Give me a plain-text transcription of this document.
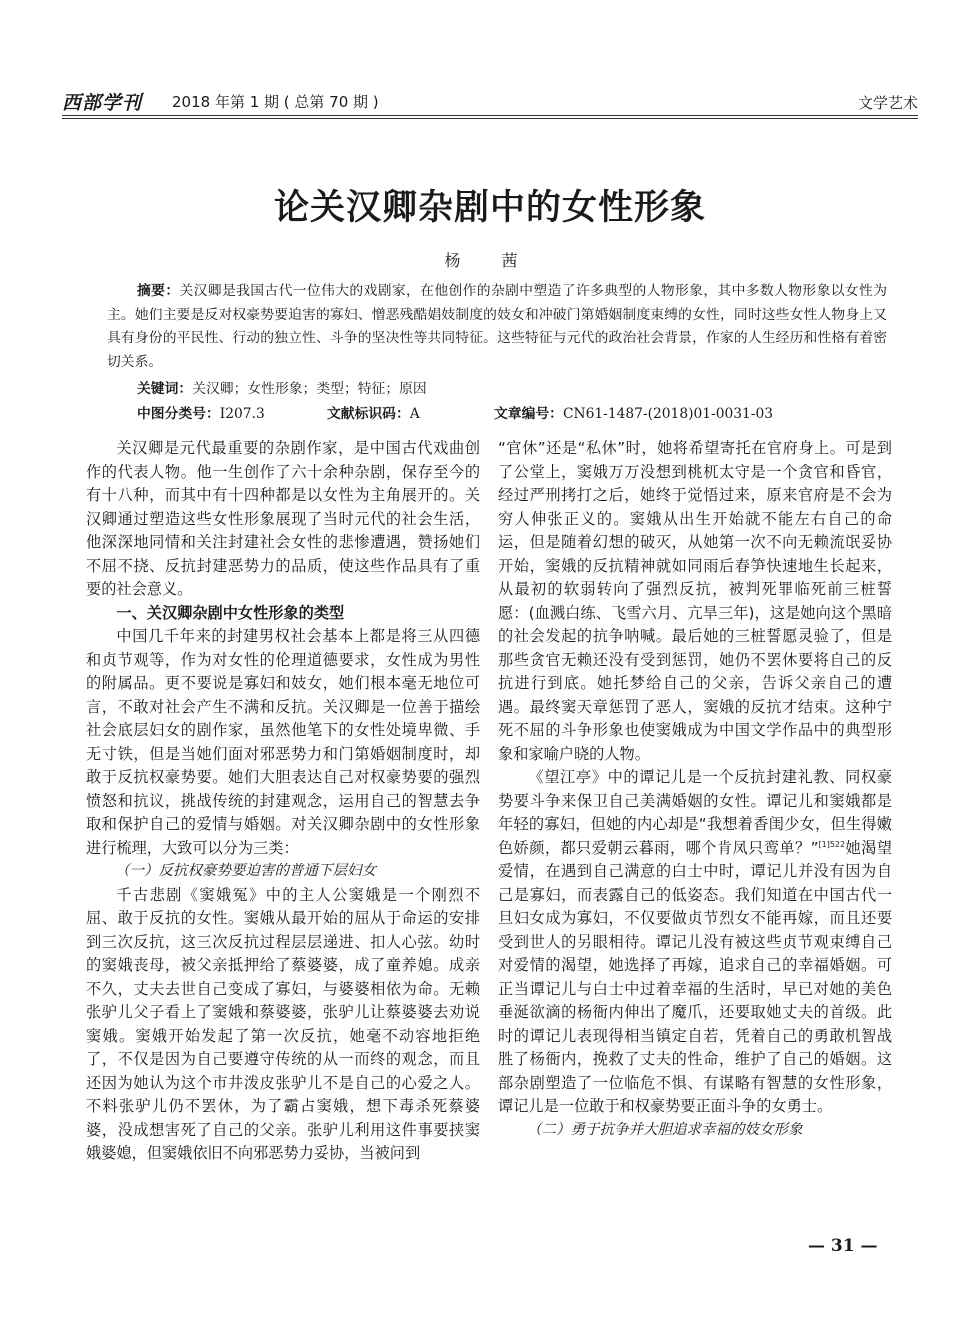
西部学刊 2018 年第 1 期 ( 总第 70 期 )	文学艺术
论关汉卿杂剧中的女性形象
杨 茜
摘要：关汉卿是我国古代一位伟大的戏剧家，在他创作的杂剧中塑造了许多典型的人物形象，其中多数人物形象以女性为主。她们主要是反对权豪势要迫害的寡妇、憎恶残酷娼妓制度的妓女和冲破门第婚姻制度束缚的女性，同时这些女性人物身上又具有身份的平民性、行动的独立性、斗争的坚决性等共同特征。这些特征与元代的政治社会背景，作家的人生经历和性格有着密切关系。
关键词：关汉卿；女性形象；类型；特征；原因
中图分类号：I207.3	文献标识码：A	文章编号：CN61-1487-(2018)01-0031-03

关汉卿是元代最重要的杂剧作家，是中国古代戏曲创作的代表人物。他一生创作了六十余种杂剧，保存至今的有十八种，而其中有十四种都是以女性为主角展开的。关汉卿通过塑造这些女性形象展现了当时元代的社会生活，他深深地同情和关注封建社会女性的悲惨遭遇，赞扬她们不屈不挠、反抗封建恶势力的品质，使这些作品具有了重要的社会意义。

一、关汉卿杂剧中女性形象的类型

中国几千年来的封建男权社会基本上都是将三从四德和贞节观等，作为对女性的伦理道德要求，女性成为男性的附属品。更不要说是寡妇和妓女，她们根本毫无地位可言，不敢对社会产生不满和反抗。关汉卿是一位善于描绘社会底层妇女的剧作家，虽然他笔下的女性处境卑微、手无寸铁，但是当她们面对邪恶势力和门第婚姻制度时，却敢于反抗权豪势要。她们大胆表达自己对权豪势要的强烈愤怒和抗议，挑战传统的封建观念，运用自己的智慧去争取和保护自己的爱情与婚姻。对关汉卿杂剧中的女性形象进行梳理，大致可以分为三类：

（一）反抗权豪势要迫害的普通下层妇女

千古悲剧《窦娥冤》中的主人公窦娥是一个刚烈不屈、敢于反抗的女性。窦娥从最开始的屈从于命运的安排到三次反抗，这三次反抗过程层层递进、扣人心弦。幼时的窦娥丧母，被父亲抵押给了蔡婆婆，成了童养媳。成亲不久，丈夫去世自己变成了寡妇，与婆婆相依为命。无赖张驴儿父子看上了窦娥和蔡婆婆，张驴儿让蔡婆婆去劝说窦娥。窦娥开始发起了第一次反抗，她毫不动容地拒绝了，不仅是因为自己要遵守传统的从一而终的观念，而且还因为她认为这个市井泼皮张驴儿不是自己的心爱之人。不料张驴儿仍不罢休，为了霸占窦娥，想下毒杀死蔡婆婆，没成想害死了自己的父亲。张驴儿利用这件事要挟窦娥婆媳，但窦娥依旧不向邪恶势力妥协，当被问到

“官休”还是“私休”时，她将希望寄托在官府身上。可是到了公堂上，窦娥万万没想到桃杌太守是一个贪官和昏官，经过严刑拷打之后，她终于觉悟过来，原来官府是不会为穷人伸张正义的。窦娥从出生开始就不能左右自己的命运，但是随着幻想的破灭，从她第一次不向无赖流氓妥协开始，窦娥的反抗精神就如同雨后春笋快速地生长起来，从最初的软弱转向了强烈反抗，被判死罪临死前三桩誓愿：(血溅白练、飞雪六月、亢旱三年)，这是她向这个黑暗的社会发起的抗争呐喊。最后她的三桩誓愿灵验了，但是那些贪官无赖还没有受到惩罚，她仍不罢休要将自己的反抗进行到底。她托梦给自己的父亲，告诉父亲自己的遭遇。最终窦天章惩罚了恶人，窦娥的反抗才结束。这种宁死不屈的斗争形象也使窦娥成为中国文学作品中的典型形象和家喻户晓的人物。

《望江亭》中的谭记儿是一个反抗封建礼教、同权豪势要斗争来保卫自己美满婚姻的女性。谭记儿和窦娥都是年轻的寡妇，但她的内心却是“我想着香闺少女，但生得嫩色娇颜，都只爱朝云暮雨，哪个肯凤只鸾单？”$^{[1]522}$她渴望爱情，在遇到自己满意的白士中时，谭记儿并没有因为自己是寡妇，而表露自己的低姿态。我们知道在中国古代一旦妇女成为寡妇，不仅要做贞节烈女不能再嫁，而且还要受到世人的另眼相待。谭记儿没有被这些贞节观束缚自己对爱情的渴望，她选择了再嫁，追求自己的幸福婚姻。可正当谭记儿与白士中过着幸福的生活时，早已对她的美色垂涎欲滴的杨衙内伸出了魔爪，还要取她丈夫的首级。此时的谭记儿表现得相当镇定自若，凭着自己的勇敢机智战胜了杨衙内，挽救了丈夫的性命，维护了自己的婚姻。这部杂剧塑造了一位临危不惧、有谋略有智慧的女性形象，谭记儿是一位敢于和权豪势要正面斗争的女勇士。

（二）勇于抗争并大胆追求幸福的妓女形象
— 31 —
